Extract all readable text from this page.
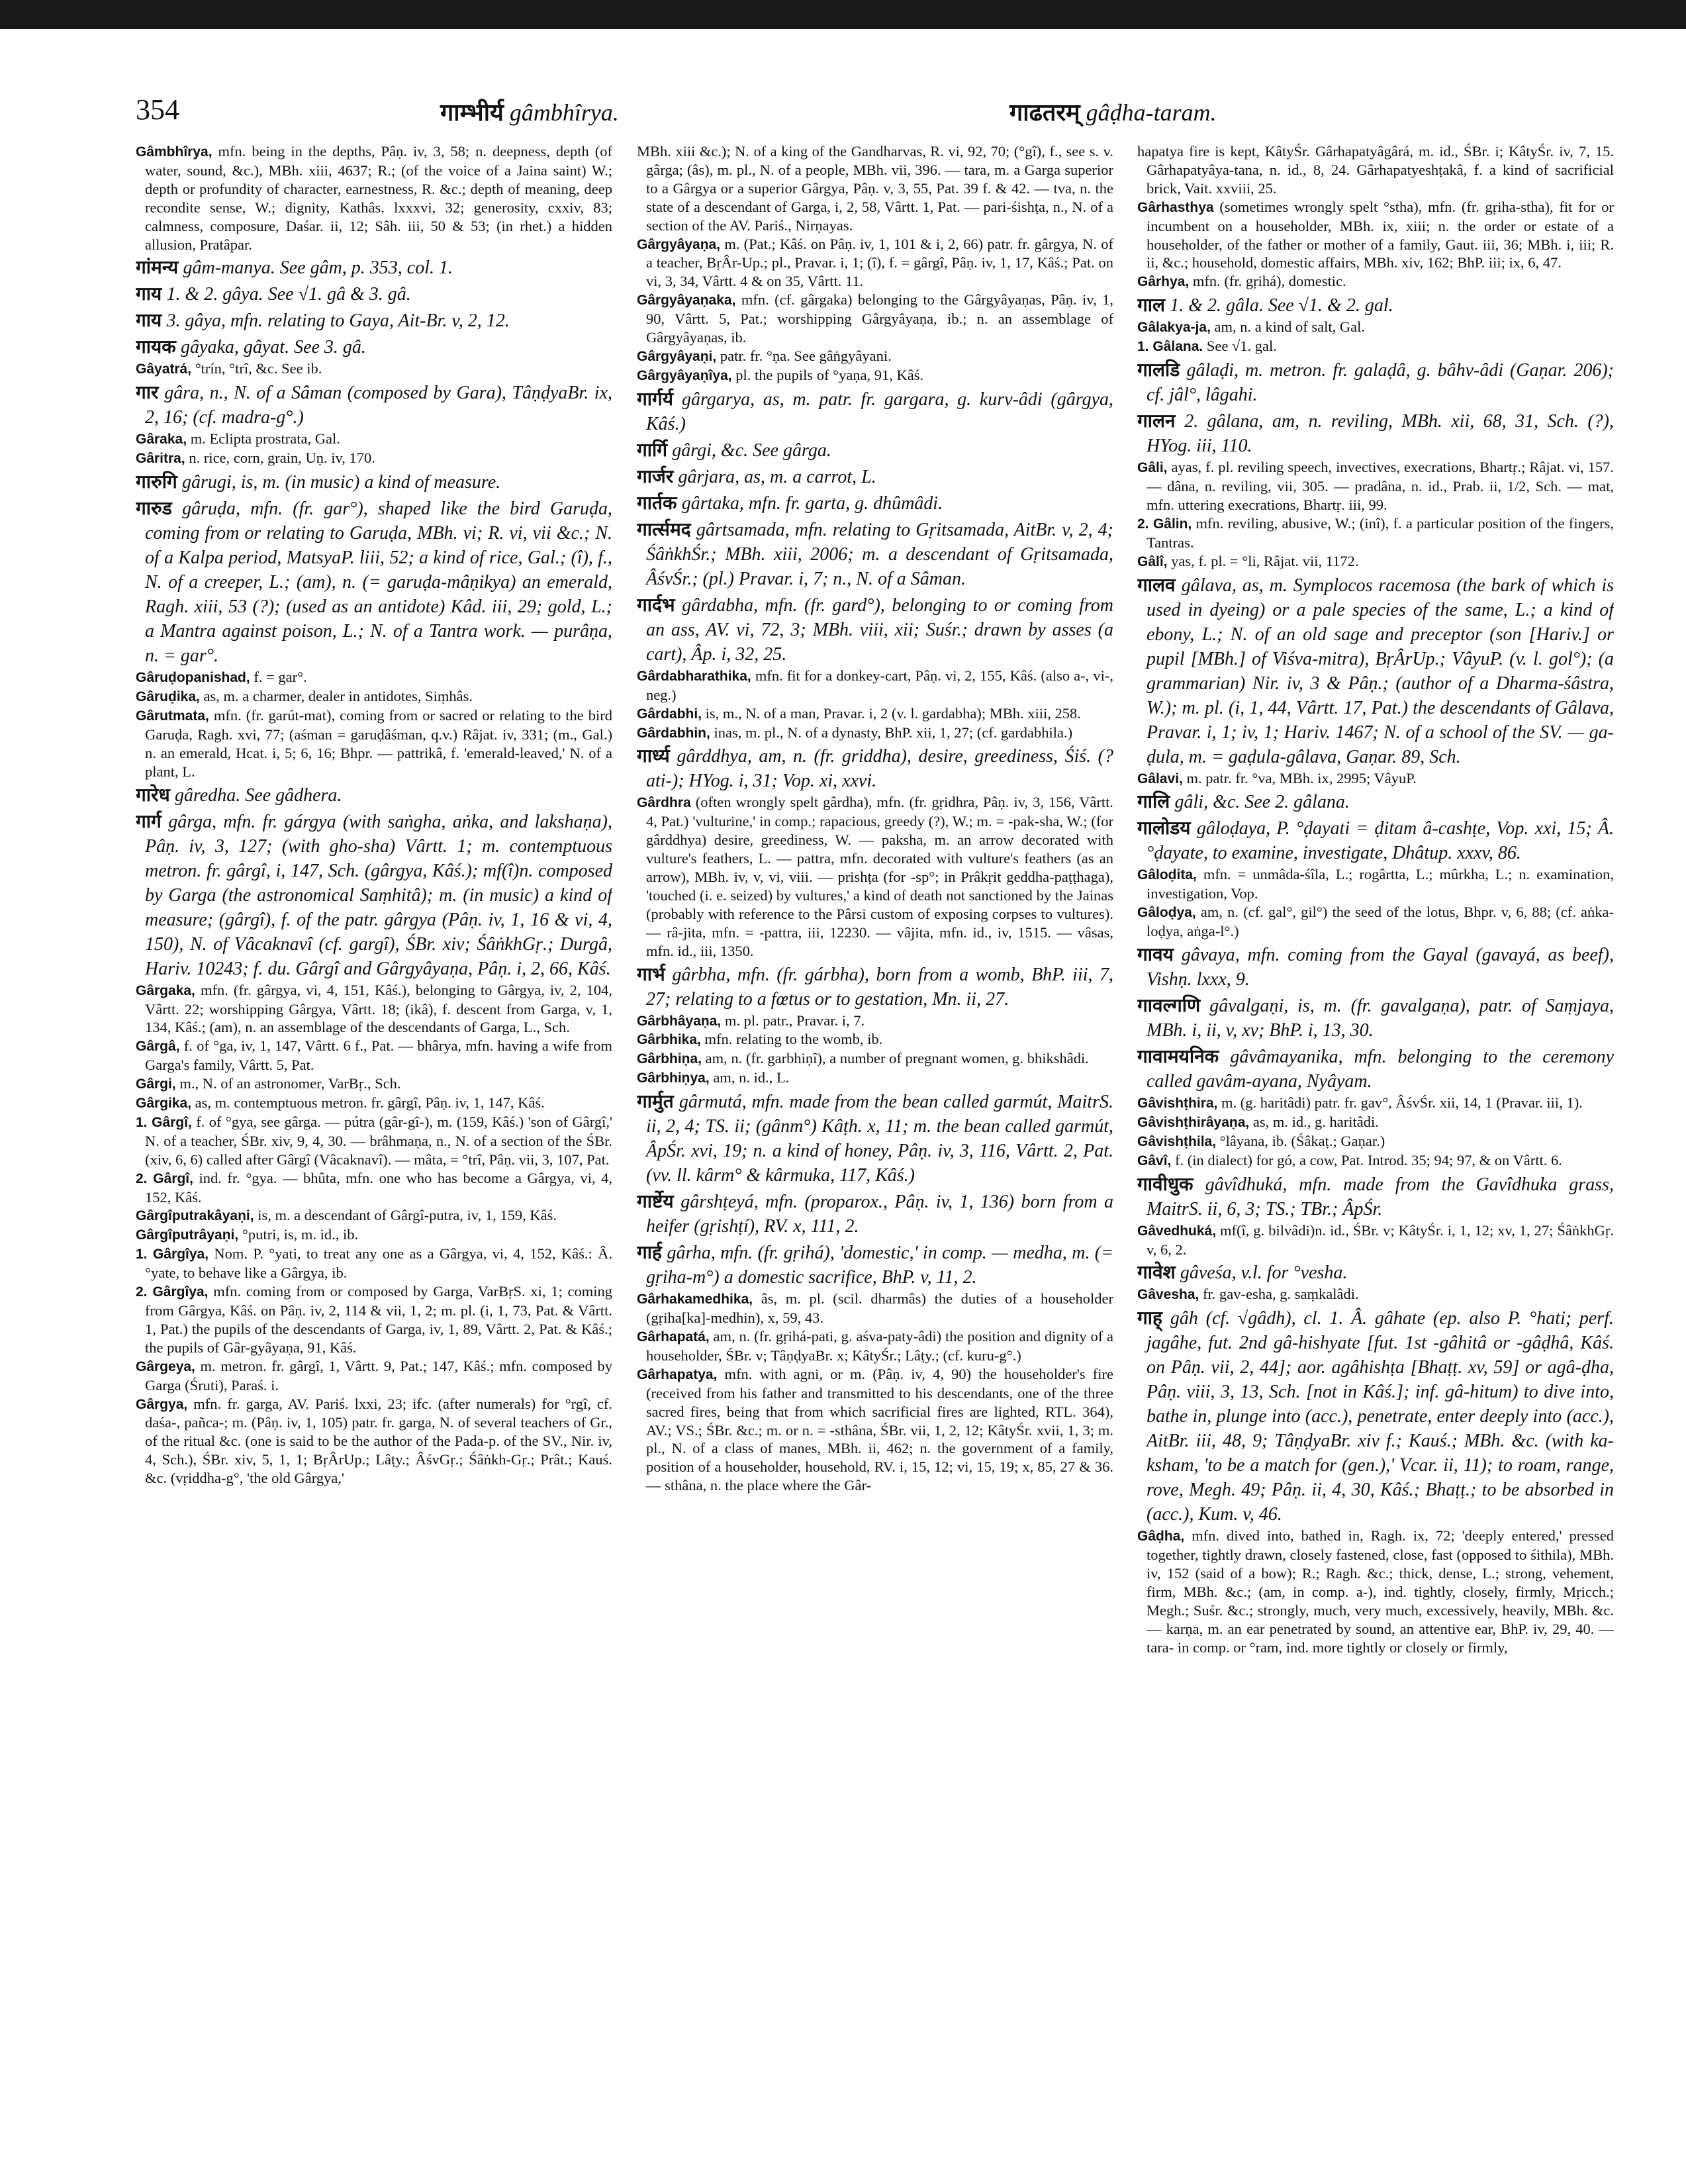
354	गाम्भीर्य gâmbhîrya.	गाढतरम् gâḍha-taram.

Gâmbhîrya, mfn. being in the depths, Pâṇ. iv, 3, 58; n. deepness, depth (of water, sound, &c.), MBh. xiii, 4637; R.; (of the voice of a Jaina saint) W.; depth or profundity of character, earnestness, R. &c.; depth of meaning, deep recondite sense, W.; dignity, Kathâs. lxxxvi, 32; generosity, cxxiv, 83; calmness, composure, Daśar. ii, 12; Sâh. iii, 50 & 53; (in rhet.) a hidden allusion, Pratâpar.

गांमन्य gâm-manya. See gâm, p. 353, col. 1.

गाय 1. & 2. gâya. See √1. gâ & 3. gâ.

गाय 3. gâya, mfn. relating to Gaya, Ait-Br. v, 2, 12.

गायक gâyaka, gâyat. See 3. gâ.

Gâyatrá, °trín, °trî, &c. See ib.

गार gâra, n., N. of a Sâman (composed by Gara), TâṇḍyaBr. ix, 2, 16; (cf. madra-g°.)

Gâraka, m. Eclipta prostrata, Gal.

Gâritra, n. rice, corn, grain, Uṇ. iv, 170.

गारुगि gârugi, is, m. (in music) a kind of measure.

गारुड gâruḍa, mfn. (fr. gar°), shaped like the bird Garuḍa, coming from or relating to Garuḍa, MBh. vi; R. vi, vii &c.; N. of a Kalpa period, MatsyaP. liii, 52; a kind of rice, Gal.; (î), f., N. of a creeper, L.; (am), n. (= garuḍa-mâṇikya) an emerald, Ragh. xiii, 53 (?); (used as an antidote) Kâd. iii, 29; gold, L.; a Mantra against poison, L.; N. of a Tantra work. — purâṇa, n. = gar°.

Gâruḍopanishad, f. = gar°.

Gâruḍika, as, m. a charmer, dealer in antidotes, Siṃhâs.

Gârutmata, mfn. (fr. garút-mat), coming from or sacred or relating to the bird Garuḍa, Ragh. xvi, 77; (aśman = garuḍâśman, q.v.) Râjat. iv, 331; (m., Gal.) n. an emerald, Hcat. i, 5; 6, 16; Bhpr. — pattrikâ, f. 'emerald-leaved,' N. of a plant, L.

गारेध gâredha. See gâdhera.

गार्ग gârga, mfn. fr. gárgya (with saṅgha, aṅka, and lakshaṇa), Pâṇ. iv, 3, 127; (with gho-sha) Vârtt. 1; m. contemptuous metron. fr. gârgî, i, 147, Sch. (gârgya, Kâś.); mf(î)n. composed by Garga (the astronomical Saṃhitâ); m. (in music) a kind of measure; (gârgî), f. of the patr. gârgya (Pâṇ. iv, 1, 16 & vi, 4, 150), N. of Vâcaknavî (cf. gargî), ŚBr. xiv; ŚâṅkhGṛ.; Durgâ, Hariv. 10243; f. du. Gârgî and Gârgyâyaṇa, Pâṇ. i, 2, 66, Kâś.

Gârgaka, mfn. (fr. gârgya, vi, 4, 151, Kâś.), belonging to Gârgya, iv, 2, 104, Vârtt. 22; worshipping Gârgya, Vârtt. 18; (ikâ), f. descent from Garga, v, 1, 134, Kâś.; (am), n. an assemblage of the descendants of Garga, L., Sch.

Gârgâ, f. of °ga, iv, 1, 147, Vârtt. 6 f., Pat. — bhârya, mfn. having a wife from Garga's family, Vârtt. 5, Pat.

Gârgi, m., N. of an astronomer, VarBṛ., Sch.

Gârgika, as, m. contemptuous metron. fr. gârgî, Pâṇ. iv, 1, 147, Kâś.

1. Gârgî, f. of °gya, see gârga. — pútra (gâr-gî-), m. (159, Kâś.) 'son of Gârgî,' N. of a teacher, ŚBr. xiv, 9, 4, 30. — brâhmaṇa, n., N. of a section of the ŚBr. (xiv, 6, 6) called after Gârgî (Vâcaknavî). — mâta, = °trî, Pâṇ. vii, 3, 107, Pat.

2. Gârgî, ind. fr. °gya. — bhûta, mfn. one who has become a Gârgya, vi, 4, 152, Kâś.

Gârgîputrakâyaṇi, is, m. a descendant of Gârgî-putra, iv, 1, 159, Kâś.

Gârgîputrâyaṇi, °putri, is, m. id., ib.

1. Gârgîya, Nom. P. °yati, to treat any one as a Gârgya, vi, 4, 152, Kâś.: Â. °yate, to behave like a Gârgya, ib.

2. Gârgîya, mfn. coming from or composed by Garga, VarBṛS. xi, 1; coming from Gârgya, Kâś. on Pâṇ. iv, 2, 114 & vii, 1, 2; m. pl. (i, 1, 73, Pat. & Vârtt. 1, Pat.) the pupils of the descendants of Garga, iv, 1, 89, Vârtt. 2, Pat. & Kâś.; the pupils of Gâr-gyâyaṇa, 91, Kâś.

Gârgeya, m. metron. fr. gârgî, 1, Vârtt. 9, Pat.; 147, Kâś.; mfn. composed by Garga (Śruti), Paraś. i.

Gârgya, mfn. fr. garga, AV. Pariś. lxxi, 23; ifc. (after numerals) for °rgî, cf. daśa-, pañca-; m. (Pâṇ. iv, 1, 105) patr. fr. garga, N. of several teachers of Gr., of the ritual &c. (one is said to be the author of the Pada-p. of the SV., Nir. iv, 4, Sch.), ŚBr. xiv, 5, 1, 1; BṛÂrUp.; Lâṭy.; ÂśvGṛ.; Śâṅkh-Gṛ.; Prât.; Kauś. &c. (vṛiddha-g°, 'the old Gârgya,'

MBh. xiii &c.); N. of a king of the Gandharvas, R. vi, 92, 70; (°gî), f., see s. v. gârga; (âs), m. pl., N. of a people, MBh. vii, 396. — tara, m. a Garga superior to a Gârgya or a superior Gârgya, Pâṇ. v, 3, 55, Pat. 39 f. & 42. — tva, n. the state of a descendant of Garga, i, 2, 58, Vârtt. 1, Pat. — pari-śishṭa, n., N. of a section of the AV. Pariś., Nirṇayas.

Gârgyâyaṇa, m. (Pat.; Kâś. on Pâṇ. iv, 1, 101 & i, 2, 66) patr. fr. gârgya, N. of a teacher, BṛÂr-Up.; pl., Pravar. i, 1; (î), f. = gârgî, Pâṇ. iv, 1, 17, Kâś.; Pat. on vi, 3, 34, Vârtt. 4 & on 35, Vârtt. 11.

Gârgyâyaṇaka, mfn. (cf. gârgaka) belonging to the Gârgyâyaṇas, Pâṇ. iv, 1, 90, Vârtt. 5, Pat.; worshipping Gârgyâyaṇa, ib.; n. an assemblage of Gârgyâyaṇas, ib.

Gârgyâyaṇi, patr. fr. °ṇa. See gâṅgyâyani.

Gârgyâyaṇîya, pl. the pupils of °yaṇa, 91, Kâś.

गार्गर्य gârgarya, as, m. patr. fr. gargara, g. kurv-âdi (gârgya, Kâś.)

गार्गि gârgi, &c. See gârga.

गार्जर gârjara, as, m. a carrot, L.

गार्तक gârtaka, mfn. fr. garta, g. dhûmâdi.

गार्त्समद gârtsamada, mfn. relating to Gṛitsamada, AitBr. v, 2, 4; ŚâṅkhŚr.; MBh. xiii, 2006; m. a descendant of Gṛitsamada, ÂśvŚr.; (pl.) Pravar. i, 7; n., N. of a Sâman.

गार्दभ gârdabha, mfn. (fr. gard°), belonging to or coming from an ass, AV. vi, 72, 3; MBh. viii, xii; Suśr.; drawn by asses (a cart), Âp. i, 32, 25.

Gârdabharathika, mfn. fit for a donkey-cart, Pâṇ. vi, 2, 155, Kâś. (also a-, vi-, neg.)

Gârdabhi, is, m., N. of a man, Pravar. i, 2 (v. l. gardabha); MBh. xiii, 258.

Gârdabhin, inas, m. pl., N. of a dynasty, BhP. xii, 1, 27; (cf. gardabhila.)

गार्ध्य gârddhya, am, n. (fr. griddha), desire, greediness, Śiś. (?ati-); HYog. i, 31; Vop. xi, xxvi.

Gârdhra (often wrongly spelt gârdha), mfn. (fr. gṛidhra, Pâṇ. iv, 3, 156, Vârtt. 4, Pat.) 'vulturine,' in comp.; rapacious, greedy (?), W.; m. = -pak-sha, W.; (for gârddhya) desire, greediness, W. — paksha, m. an arrow decorated with vulture's feathers, L. — pattra, mfn. decorated with vulture's feathers (as an arrow), MBh. iv, v, vi, viii. — prishṭa (for -sp°; in Prâkṛit geddha-paṭṭhaga), 'touched (i. e. seized) by vultures,' a kind of death not sanctioned by the Jainas (probably with reference to the Pârsi custom of exposing corpses to vultures). — râ-jita, mfn. = -pattra, iii, 12230. — vâjita, mfn. id., iv, 1515. — vâsas, mfn. id., iii, 1350.

गार्भ gârbha, mfn. (fr. gárbha), born from a womb, BhP. iii, 7, 27; relating to a fœtus or to gestation, Mn. ii, 27.

Gârbhâyaṇa, m. pl. patr., Pravar. i, 7.

Gârbhika, mfn. relating to the womb, ib.

Gârbhiṇa, am, n. (fr. garbhiṇî), a number of pregnant women, g. bhikshâdi.

Gârbhiṇya, am, n. id., L.

गार्मुत gârmutá, mfn. made from the bean called garmút, MaitrS. ii, 2, 4; TS. ii; (gânm°) Kâṭh. x, 11; m. the bean called garmút, ÂpŚr. xvi, 19; n. a kind of honey, Pâṇ. iv, 3, 116, Vârtt. 2, Pat. (vv. ll. kârm° & kârmuka, 117, Kâś.)

गार्ष्टेय gârshṭeyá, mfn. (proparox., Pâṇ. iv, 1, 136) born from a heifer (gṛishṭí), RV. x, 111, 2.

गार्ह gârha, mfn. (fr. gṛihá), 'domestic,' in comp. — medha, m. (= gṛiha-m°) a domestic sacrifice, BhP. v, 11, 2.

Gârhakamedhika, âs, m. pl. (scil. dharmâs) the duties of a householder (gṛiha[ka]-medhin), x, 59, 43.

Gârhapatá, am, n. (fr. gṛihá-pati, g. aśva-paty-âdi) the position and dignity of a householder, ŚBr. v; TâṇḍyaBr. x; KâtyŚr.; Lâṭy.; (cf. kuru-g°.)

Gârhapatya, mfn. with agni, or m. (Pâṇ. iv, 4, 90) the householder's fire (received from his father and transmitted to his descendants, one of the three sacred fires, being that from which sacrificial fires are lighted, RTL. 364), AV.; VS.; ŚBr. &c.; m. or n. = -sthâna, ŚBr. vii, 1, 2, 12; KâtyŚr. xvii, 1, 3; m. pl., N. of a class of manes, MBh. ii, 462; n. the government of a family, position of a householder, household, RV. i, 15, 12; vi, 15, 19; x, 85, 27 & 36. — sthâna, n. the place where the Gâr-

hapatya fire is kept, KâtyŚr. Gârhapatyâgârá, m. id., ŚBr. i; KâtyŚr. iv, 7, 15. Gârhapatyâya-tana, n. id., 8, 24. Gârhapatyeshṭakâ, f. a kind of sacrificial brick, Vait. xxviii, 25.

Gârhasthya (sometimes wrongly spelt °stha), mfn. (fr. gṛiha-stha), fit for or incumbent on a householder, MBh. ix, xiii; n. the order or estate of a householder, of the father or mother of a family, Gaut. iii, 36; MBh. i, iii; R. ii, &c.; household, domestic affairs, MBh. xiv, 162; BhP. iii; ix, 6, 47.

Gârhya, mfn. (fr. gṛihá), domestic.

गाल 1. & 2. gâla. See √1. & 2. gal.

Gâlakya-ja, am, n. a kind of salt, Gal.

1. Gâlana. See √1. gal.

गालडि gâlaḍi, m. metron. fr. galaḍâ, g. bâhv-âdi (Gaṇar. 206); cf. jâl°, lâgahi.

गालन 2. gâlana, am, n. reviling, MBh. xii, 68, 31, Sch. (?), HYog. iii, 110.

Gâli, ayas, f. pl. reviling speech, invectives, execrations, Bhartṛ.; Râjat. vi, 157. — dâna, n. reviling, vii, 305. — pradâna, n. id., Prab. ii, 1/2, Sch. — mat, mfn. uttering execrations, Bhartṛ. iii, 99.

2. Gâlin, mfn. reviling, abusive, W.; (inî), f. a particular position of the fingers, Tantras.

Gâlî, yas, f. pl. = °li, Râjat. vii, 1172.

गालव gâlava, as, m. Symplocos racemosa (the bark of which is used in dyeing) or a pale species of the same, L.; a kind of ebony, L.; N. of an old sage and preceptor (son [Hariv.] or pupil [MBh.] of Viśva-mitra), BṛÂrUp.; VâyuP. (v. l. gol°); (a grammarian) Nir. iv, 3 & Pâṇ.; (author of a Dharma-śâstra, W.); m. pl. (i, 1, 44, Vârtt. 17, Pat.) the descendants of Gâlava, Pravar. i, 1; iv, 1; Hariv. 1467; N. of a school of the SV. — ga-ḍula, m. = gaḍula-gâlava, Gaṇar. 89, Sch.

Gâlavi, m. patr. fr. °va, MBh. ix, 2995; VâyuP.

गालि gâli, &c. See 2. gâlana.

गालोडय gâloḍaya, P. °ḍayati = ḍitam â-cashṭe, Vop. xxi, 15; Â. °ḍayate, to examine, investigate, Dhâtup. xxxv, 86.

Gâloḍita, mfn. = unmâda-śîla, L.; rogârtta, L.; mûrkha, L.; n. examination, investigation, Vop.

Gâloḍya, am, n. (cf. gal°, gil°) the seed of the lotus, Bhpr. v, 6, 88; (cf. aṅka-loḍya, aṅga-l°.)

गावय gâvaya, mfn. coming from the Gayal (gavayá, as beef), Vishṇ. lxxx, 9.

गावल्गणि gâvalgaṇi, is, m. (fr. gavalgaṇa), patr. of Saṃjaya, MBh. i, ii, v, xv; BhP. i, 13, 30.

गावामयनिक gâvâmayanika, mfn. belonging to the ceremony called gavâm-ayana, Nyâyam.

Gâvishṭhira, m. (g. haritâdi) patr. fr. gav°, ÂśvŚr. xii, 14, 1 (Pravar. iii, 1).

Gâvishṭhirâyaṇa, as, m. id., g. haritâdi.

Gâvishṭhila, °lâyana, ib. (Śâkaṭ.; Gaṇar.)

Gâvî, f. (in dialect) for gó, a cow, Pat. Introd. 35; 94; 97, & on Vârtt. 6.

गावीधुक gâvîdhuká, mfn. made from the Gavîdhuka grass, MaitrS. ii, 6, 3; TS.; TBr.; ÂpŚr.

Gâvedhuká, mf(î, g. bilvâdi)n. id., ŚBr. v; KâtyŚr. i, 1, 12; xv, 1, 27; ŚâṅkhGṛ. v, 6, 2.

गावेश gâveśa, v.l. for °vesha.

Gâvesha, fr. gav-esha, g. saṃkalâdi.

गाह् gâh (cf. √gâdh), cl. 1. Â. gâhate (ep. also P. °hati; perf. jagâhe, fut. 2nd gâ-hishyate [fut. 1st -gâhitâ or -gâḍhâ, Kâś. on Pâṇ. vii, 2, 44]; aor. agâhishṭa [Bhaṭṭ. xv, 59] or agâ-ḍha, Pâṇ. viii, 3, 13, Sch. [not in Kâś.]; inf. gâ-hitum) to dive into, bathe in, plunge into (acc.), penetrate, enter deeply into (acc.), AitBr. iii, 48, 9; TâṇḍyaBr. xiv f.; Kauś.; MBh. &c. (with ka-ksham, 'to be a match for (gen.),' Vcar. ii, 11); to roam, range, rove, Megh. 49; Pâṇ. ii, 4, 30, Kâś.; Bhaṭṭ.; to be absorbed in (acc.), Kum. v, 46.

Gâḍha, mfn. dived into, bathed in, Ragh. ix, 72; 'deeply entered,' pressed together, tightly drawn, closely fastened, close, fast (opposed to śithila), MBh. iv, 152 (said of a bow); R.; Ragh. &c.; thick, dense, L.; strong, vehement, firm, MBh. &c.; (am, in comp. a-), ind. tightly, closely, firmly, Mṛicch.; Megh.; Suśr. &c.; strongly, much, very much, excessively, heavily, MBh. &c. — karṇa, m. an ear penetrated by sound, an attentive ear, BhP. iv, 29, 40. — tara- in comp. or °ram, ind. more tightly or closely or firmly,
